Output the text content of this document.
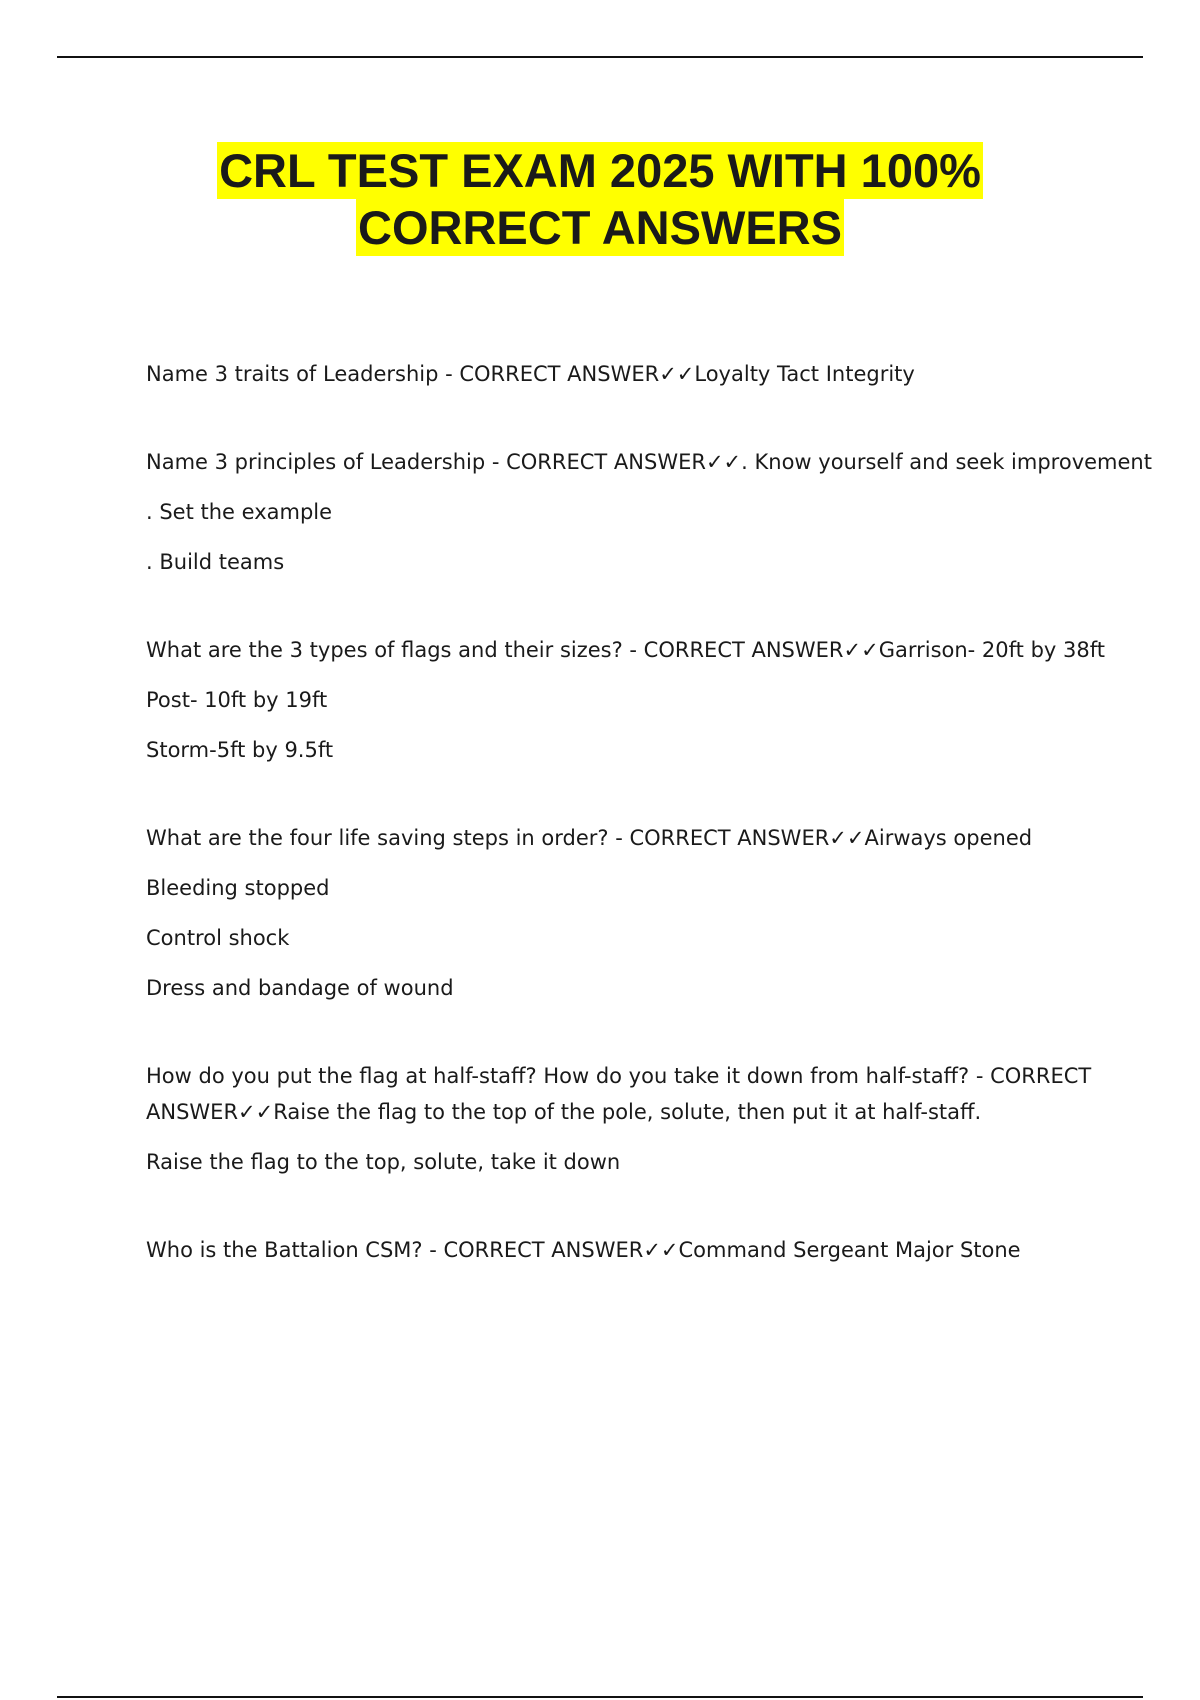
CRL TEST EXAM 2025 WITH 100%
CORRECT ANSWERS
Name 3 traits of Leadership - CORRECT ANSWER✓✓Loyalty Tact Integrity
Name 3 principles of Leadership - CORRECT ANSWER✓✓. Know yourself and seek improvement
. Set the example
. Build teams
What are the 3 types of flags and their sizes? - CORRECT ANSWER✓✓Garrison- 20ft by 38ft
Post- 10ft by 19ft
Storm-5ft by 9.5ft
What are the four life saving steps in order? - CORRECT ANSWER✓✓Airways opened
Bleeding stopped
Control shock
Dress and bandage of wound
How do you put the flag at half-staff? How do you take it down from half-staff? - CORRECT ANSWER✓✓Raise the flag to the top of the pole, solute, then put it at half-staff.
Raise the flag to the top, solute, take it down
Who is the Battalion CSM? - CORRECT ANSWER✓✓Command Sergeant Major Stone
